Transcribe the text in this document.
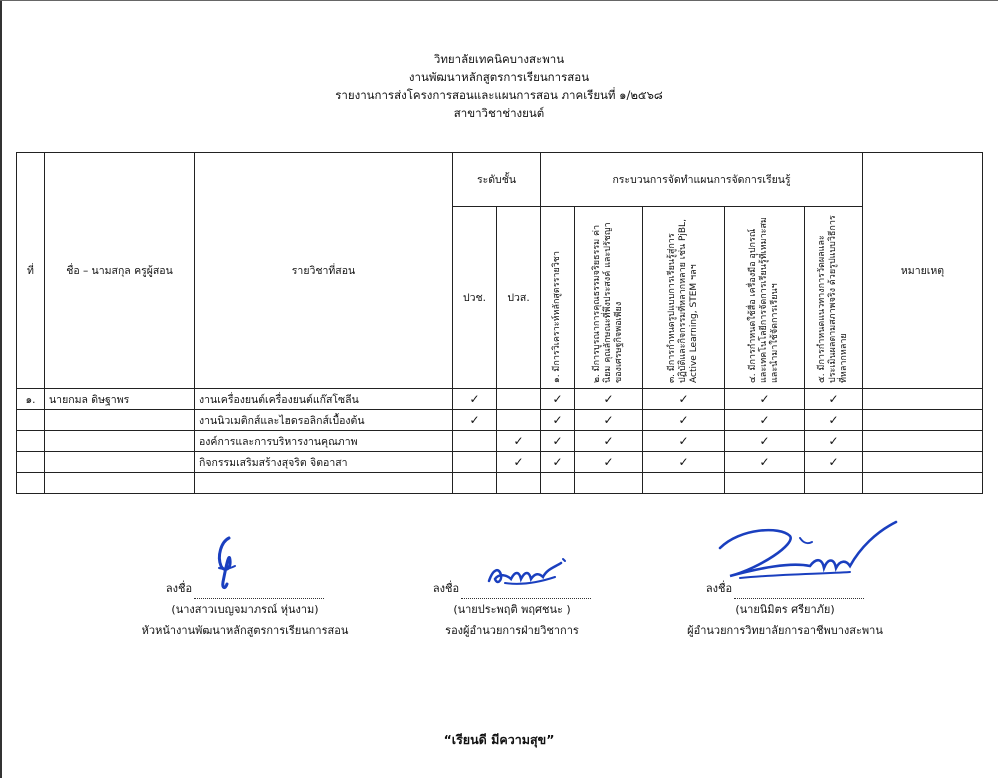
วิทยาลัยเทคนิคบางสะพาน
งานพัฒนาหลักสูตรการเรียนการสอน
รายงานการส่งโครงการสอนและแผนการสอน ภาคเรียนที่ ๑/๒๕๖๘
สาขาวิชาช่างยนต์
ที่	ชื่อ – นามสกุล ครูผู้สอน	รายวิชาที่สอน	ระดับชั้น		กระบวนการจัดทำแผนการจัดการเรียนรู้					หมายเหตุ
			ปวช.	ปวส.	๑. มีการวิเคราะห์หลักสูตรรายวิชา	๒. มีการบูรณาการคุณธรรมจริยธรรม ค่านิยม คุณลักษณะที่พึงประสงค์ และปรัชญาของเศรษฐกิจพอเพียง	๓. มีการกำหนดรูปแบบการเรียนรู้สู่การปฏิบัติและกิจกรรมที่หลากหลาย เช่น PjBL, Active Learning, STEM ฯลฯ	๔. มีการกำหนดใช้สื่อ เครื่องมือ อุปกรณ์ และเทคโนโลยีการจัดการเรียนรู้ที่เหมาะสม และนำมาใช้จัดการเรียนฯ	๕. มีการกำหนดแนวทางการวัดผลและประเมินผลตามสภาพจริง ด้วยรูปแบบวิธีการ ที่หลากหลาย	

๑.	นายกมล ดิษฐาพร	งานเครื่องยนต์เครื่องยนต์แก๊สโซลีน	✓		✓	✓	✓	✓	✓	
		งานนิวเมติกส์และไฮดรอลิกส์เบื้องต้น	✓		✓	✓	✓	✓	✓	
		องค์การและการบริหารงานคุณภาพ		✓	✓	✓	✓	✓	✓	
		กิจกรรมเสริมสร้างสุจริต จิตอาสา		✓	✓	✓	✓	✓	✓	

ลงชื่อ
(นางสาวเบญจมาภรณ์ หุ่นงาม)
หัวหน้างานพัฒนาหลักสูตรการเรียนการสอน
ลงชื่อ
(นายประพฤติ พฤศชนะ )
รองผู้อำนวยการฝ่ายวิชาการ
ลงชื่อ
(นายนิมิตร ศรียาภัย)
ผู้อำนวยการวิทยาลัยการอาชีพบางสะพาน
“เรียนดี มีความสุข”
